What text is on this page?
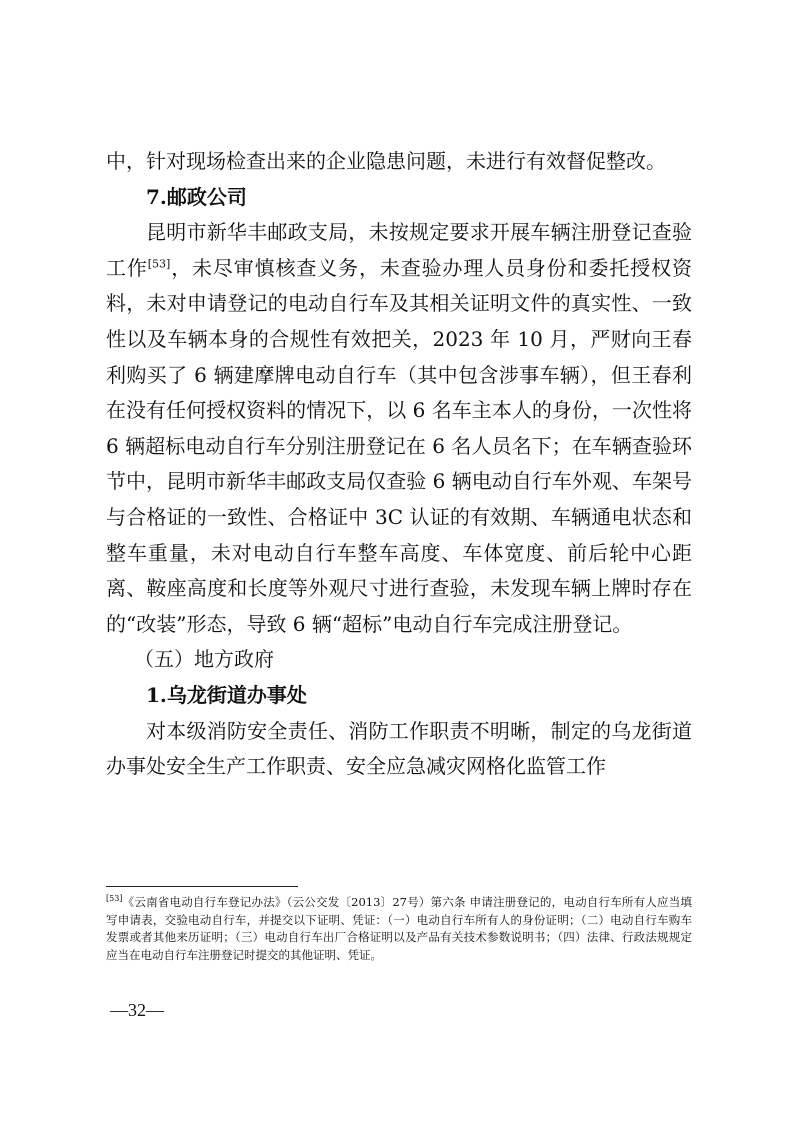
中，针对现场检查出来的企业隐患问题，未进行有效督促整改。

7.邮政公司

昆明市新华丰邮政支局，未按规定要求开展车辆注册登记查验工作[53]，未尽审慎核查义务，未查验办理人员身份和委托授权资料，未对申请登记的电动自行车及其相关证明文件的真实性、一致性以及车辆本身的合规性有效把关，2023 年 10 月，严财向王春利购买了 6 辆建摩牌电动自行车（其中包含涉事车辆），但王春利在没有任何授权资料的情况下，以 6 名车主本人的身份，一次性将 6 辆超标电动自行车分别注册登记在 6 名人员名下；在车辆查验环节中，昆明市新华丰邮政支局仅查验 6 辆电动自行车外观、车架号与合格证的一致性、合格证中 3C 认证的有效期、车辆通电状态和整车重量，未对电动自行车整车高度、车体宽度、前后轮中心距离、鞍座高度和长度等外观尺寸进行查验，未发现车辆上牌时存在的“改装”形态，导致 6 辆“超标”电动自行车完成注册登记。

（五）地方政府

1.乌龙街道办事处

对本级消防安全责任、消防工作职责不明晰，制定的乌龙街道办事处安全生产工作职责、安全应急减灾网格化监管工作

[53]《云南省电动自行车登记办法》（云公交发〔2013〕27号）第六条 申请注册登记的，电动自行车所有人应当填写申请表，交验电动自行车，并提交以下证明、凭证：（一）电动自行车所有人的身份证明；（二）电动自行车购车发票或者其他来历证明；（三）电动自行车出厂合格证明以及产品有关技术参数说明书；（四）法律、行政法规规定应当在电动自行车注册登记时提交的其他证明、凭证。

—32—
